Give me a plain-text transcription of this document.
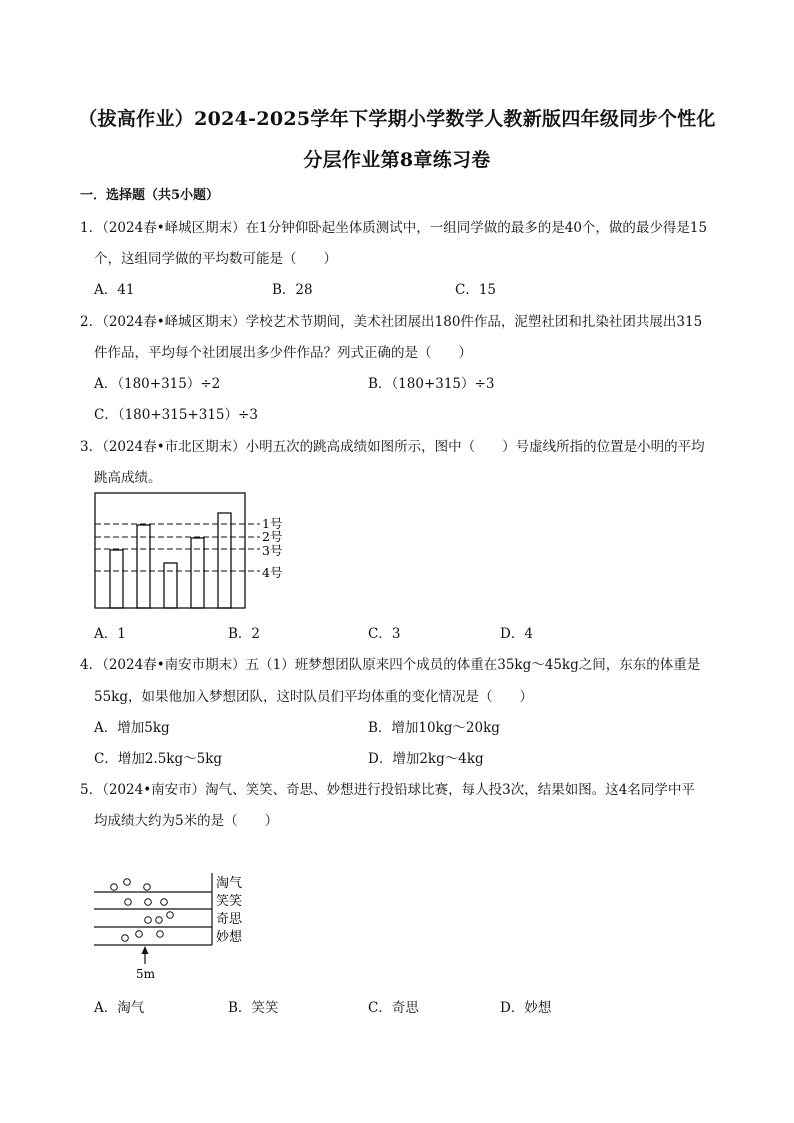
（拔高作业）2024-2025学年下学期小学数学人教新版四年级同步个性化
分层作业第8章练习卷
一．选择题（共5小题）
1．（2024春•峄城区期末）在1分钟仰卧起坐体质测试中，一组同学做的最多的是40个，做的最少得是15
个，这组同学做的平均数可能是（　　）
A．41	B．28	C．15
2．（2024春•峄城区期末）学校艺术节期间，美术社团展出180件作品，泥塑社团和扎染社团共展出315
件作品，平均每个社团展出多少件作品？列式正确的是（　　）
A．（180+315）÷2	B．（180+315）÷3
C．（180+315+315）÷3
3．（2024春•市北区期末）小明五次的跳高成绩如图所示，图中（　　）号虚线所指的位置是小明的平均
跳高成绩。
1号
2号
3号
4号
A．1	B．2	C．3	D．4
4．（2024春•南安市期末）五（1）班梦想团队原来四个成员的体重在35kg～45kg之间，东东的体重是
55kg，如果他加入梦想团队，这时队员们平均体重的变化情况是（　　）
A．增加5kg	B．增加10kg～20kg
C．增加2.5kg～5kg	D．增加2kg～4kg
5．（2024•南安市）淘气、笑笑、奇思、妙想进行投铅球比赛，每人投3次，结果如图。这4名同学中平
均成绩大约为5米的是（　　）
5m
淘气
笑笑
奇思
妙想
A．淘气	B．笑笑	C．奇思	D．妙想
